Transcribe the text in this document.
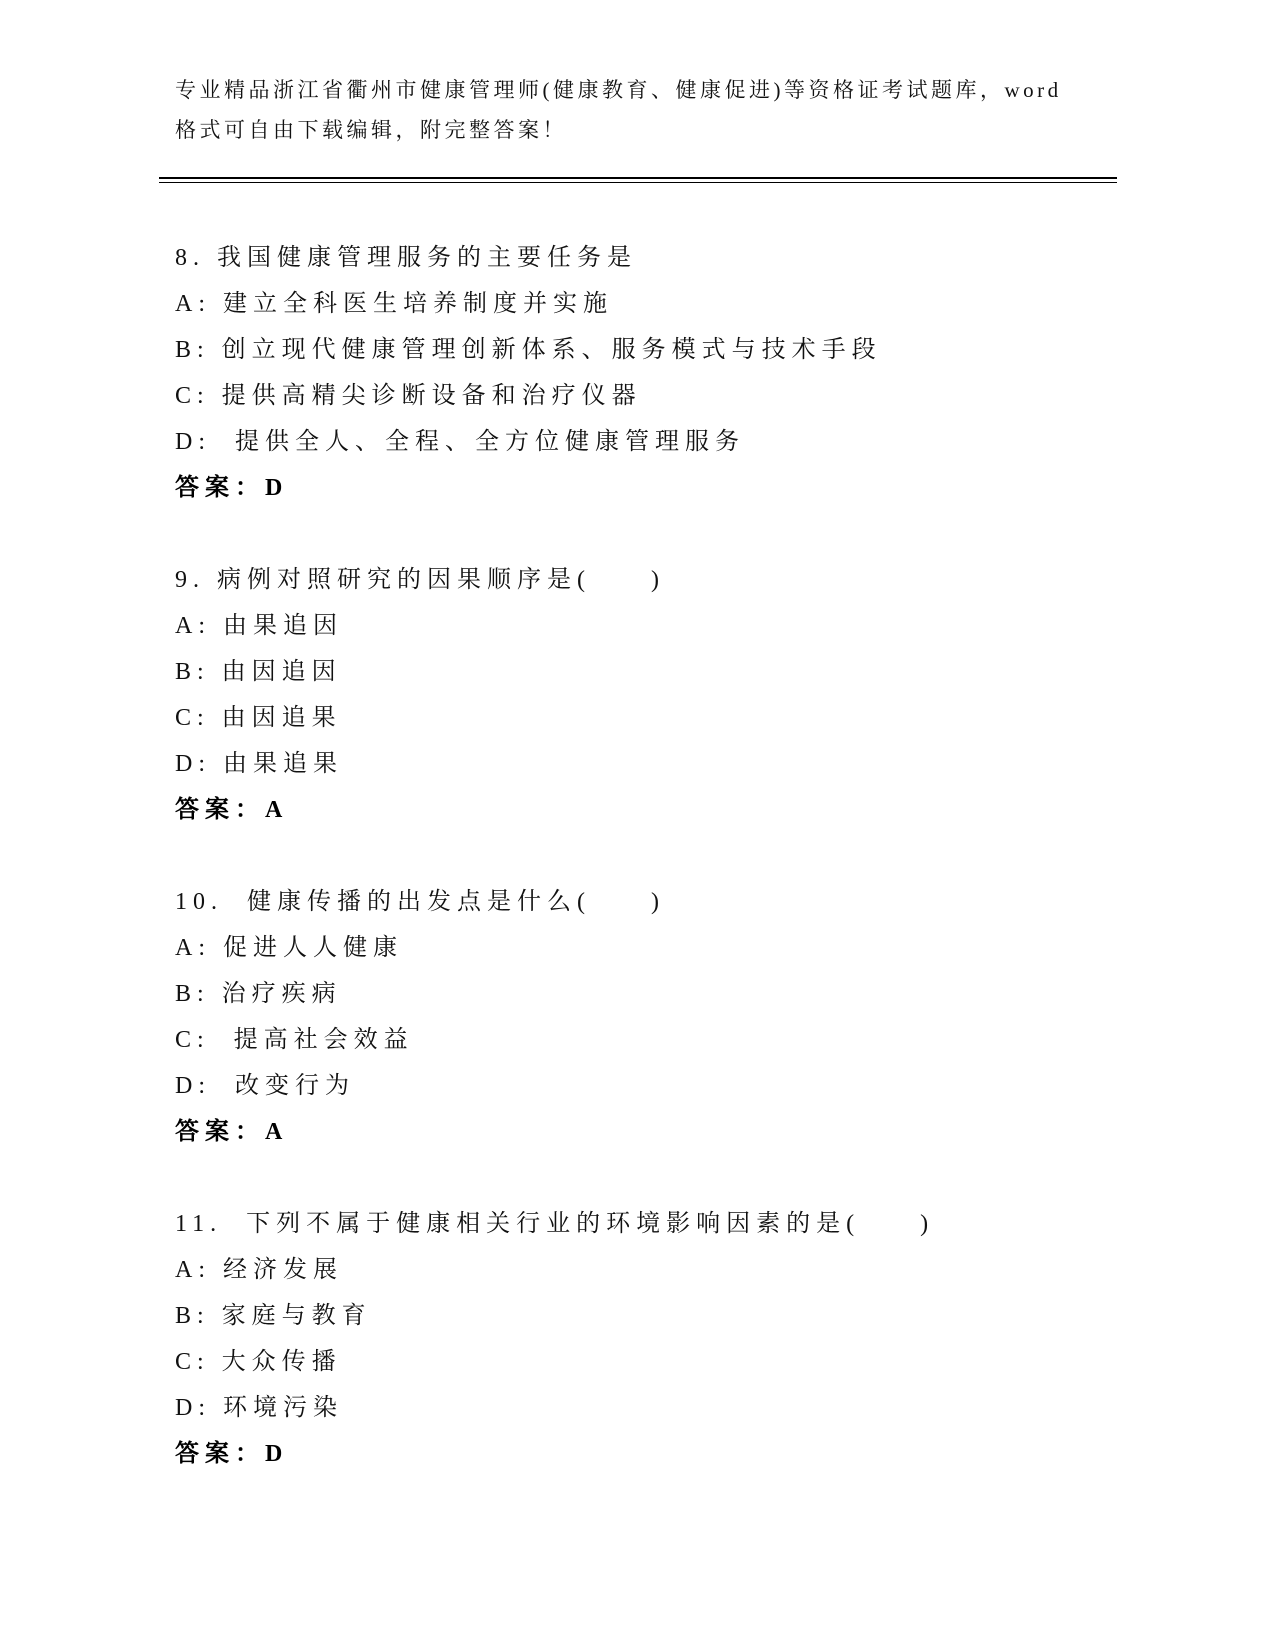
专业精品浙江省衢州市健康管理师(健康教育、健康促进)等资格证考试题库，word
格式可自由下载编辑，附完整答案！
8. 我国健康管理服务的主要任务是
A: 建立全科医生培养制度并实施
B: 创立现代健康管理创新体系、服务模式与技术手段
C: 提供高精尖诊断设备和治疗仪器
D:  提供全人、全程、全方位健康管理服务
答案：D
9. 病例对照研究的因果顺序是(　　)
A: 由果追因
B: 由因追因
C: 由因追果
D: 由果追果
答案：A
10.  健康传播的出发点是什么(　　)
A: 促进人人健康
B: 治疗疾病
C:  提高社会效益
D:  改变行为
答案：A
11.  下列不属于健康相关行业的环境影响因素的是(　　)
A: 经济发展
B: 家庭与教育
C: 大众传播
D: 环境污染
答案：D
